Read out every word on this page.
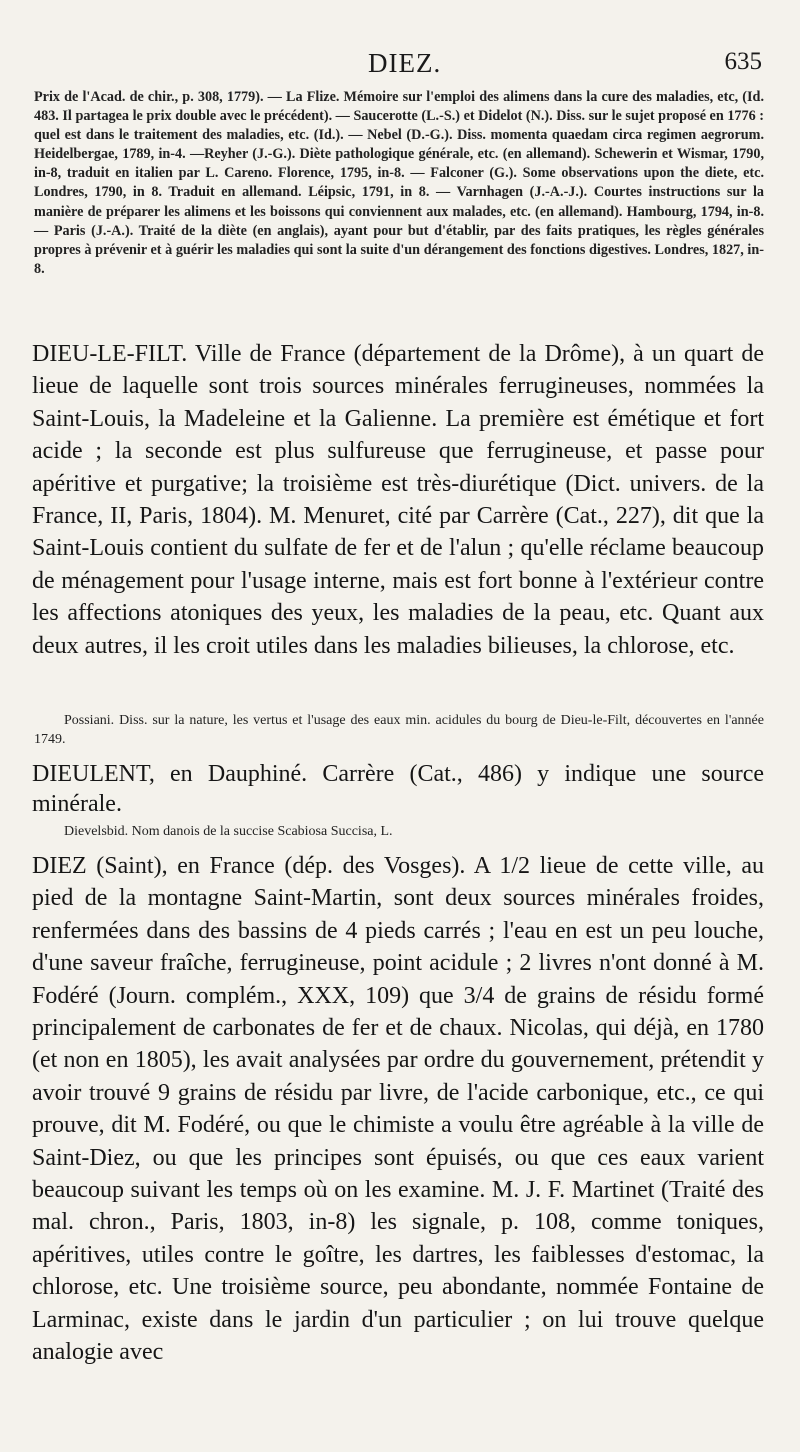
DIEZ.	635

Prix de l'Acad. de chir., p. 308, 1779). — La Flize. Mémoire sur l'emploi des alimens dans la cure des maladies, etc, (Id. 483. Il partagea le prix double avec le précédent). — Saucerotte (L.-S.) et Didelot (N.). Diss. sur le sujet proposé en 1776 : quel est dans le traitement des maladies, etc. (Id.). — Nebel (D.-G.). Diss. momenta quaedam circa regimen aegrorum. Heidelbergae, 1789, in-4. —Reyher (J.-G.). Diète pathologique générale, etc. (en allemand). Schewerin et Wismar, 1790, in-8, traduit en italien par L. Careno. Florence, 1795, in-8. — Falconer (G.). Some observations upon the diete, etc. Londres, 1790, in 8. Traduit en allemand. Léipsic, 1791, in 8. — Varnhagen (J.-A.-J.). Courtes instructions sur la manière de préparer les alimens et les boissons qui conviennent aux malades, etc. (en allemand). Hambourg, 1794, in-8. — Paris (J.-A.). Traité de la diète (en anglais), ayant pour but d'établir, par des faits pratiques, les règles générales propres à prévenir et à guérir les maladies qui sont la suite d'un dérangement des fonctions digestives. Londres, 1827, in-8.

DIEU-LE-FILT. Ville de France (département de la Drôme), à un quart de lieue de laquelle sont trois sources minérales ferrugineuses, nommées la Saint-Louis, la Madeleine et la Galienne. La première est émétique et fort acide ; la seconde est plus sulfureuse que ferrugineuse, et passe pour apéritive et purgative; la troisième est très-diurétique (Dict. univers. de la France, II, Paris, 1804). M. Menuret, cité par Carrère (Cat., 227), dit que la Saint-Louis contient du sulfate de fer et de l'alun ; qu'elle réclame beaucoup de ménagement pour l'usage interne, mais est fort bonne à l'extérieur contre les affections atoniques des yeux, les maladies de la peau, etc. Quant aux deux autres, il les croit utiles dans les maladies bilieuses, la chlorose, etc.

Possiani. Diss. sur la nature, les vertus et l'usage des eaux min. acidules du bourg de Dieu-le-Filt, découvertes en l'année 1749.

DIEULENT, en Dauphiné. Carrère (Cat., 486) y indique une source minérale.

Dievelsbid. Nom danois de la succise Scabiosa Succisa, L.

DIEZ (Saint), en France (dép. des Vosges). A 1/2 lieue de cette ville, au pied de la montagne Saint-Martin, sont deux sources minérales froides, renfermées dans des bassins de 4 pieds carrés ; l'eau en est un peu louche, d'une saveur fraîche, ferrugineuse, point acidule ; 2 livres n'ont donné à M. Fodéré (Journ. complém., XXX, 109) que 3/4 de grains de résidu formé principalement de carbonates de fer et de chaux. Nicolas, qui déjà, en 1780 (et non en 1805), les avait analysées par ordre du gouvernement, prétendit y avoir trouvé 9 grains de résidu par livre, de l'acide carbonique, etc., ce qui prouve, dit M. Fodéré, ou que le chimiste a voulu être agréable à la ville de Saint-Diez, ou que les principes sont épuisés, ou que ces eaux varient beaucoup suivant les temps où on les examine. M. J. F. Martinet (Traité des mal. chron., Paris, 1803, in-8) les signale, p. 108, comme toniques, apéritives, utiles contre le goître, les dartres, les faiblesses d'estomac, la chlorose, etc. Une troisième source, peu abondante, nommée Fontaine de Larminac, existe dans le jardin d'un particulier ; on lui trouve quelque analogie avec
